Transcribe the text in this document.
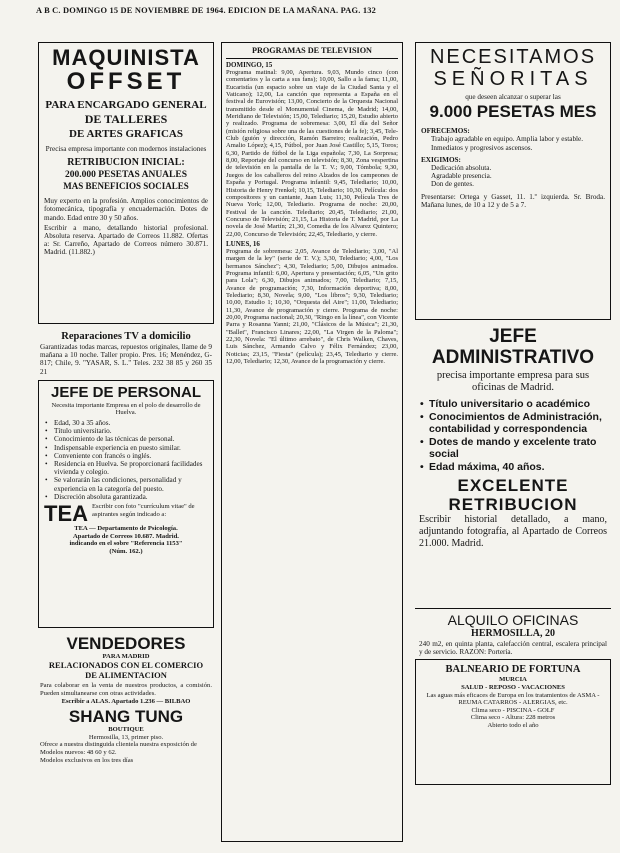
A B C. DOMINGO 15 DE NOVIEMBRE DE 1964. EDICION DE LA MAÑANA. PAG. 132
MAQUINISTA
OFFSET
PARA ENCARGADO GENERAL
DE TALLERES
DE ARTES GRAFICAS
Precisa empresa importante con modernos instalaciones
RETRIBUCION INICIAL:
200.000 PESETAS ANUALES
MAS BENEFICIOS SOCIALES
Muy experto en la profesión. Amplios conocimientos de fotomecánica, tipografía y encuadernación. Dotes de mando. Edad entre 30 y 50 años.
Escribir a mano, detallando historial profesional. Absoluta reserva. Apartado de Correos 11.882. Ofertas a: Sr. Carreño, Apartado de Correos número 30.871. Madrid. (11.882.)
Reparaciones TV a domicilio
Garantizadas todas marcas, repuestos originales, llame de 9 mañana a 10 noche. Taller propio. Pres. 16; Menéndez, G-817; Chile, 9. "YASAR, S. L." Teles. 232 38 85 y 260 35 21
JEFE DE PERSONAL
Necesita importante Empresa en el polo de desarrollo de Huelva.
• Edad, 30 a 35 años.
• Título universitario.
• Conocimiento de las técnicas de personal.
• Indispensable experiencia en puesto similar.
• Conveniente con francés o inglés.
• Residencia en Huelva. Se proporcionará facilidades vivienda y colegio.
• Se valorarán las condiciones, personalidad y experiencia en la categoría del puesto.
• Discreción absoluta garantizada.
TEA Escribir con foto "currículum vitae" de aspirantes según indicado a:
TEA — Departamento de Psicología.
Apartado de Correos 10.687. Madrid.
indicando en el sobre "Referencia 1153"
(Núm. 162.)
VENDEDORES
PARA MADRID
RELACIONADOS CON EL COMERCIO
DE ALIMENTACION
Para colaborar en la venta de nuestros productos, a comisión. Pueden simultanearse con otras actividades.
Escribir a ALAS. Apartado 1.236 — BILBAO
SHANG TUNG
BOUTIQUE
Hermosilla, 13, primer piso.
Ofrece a nuestra distinguida clientela nuestra exposición de
Modelos nuevos: 48 60 y 62.
Modelos exclusivos en los tres días
PROGRAMAS DE TELEVISION
DOMINGO, 15

Programa matinal: 9,00, Apertura. 9,03, Mundo cinco (con comentarios y la carta a sus fans); 10,00, Sallo a la fama; 11,00, Eucaristía (un espacio sobre un viaje de la Ciudad Santa y el Vaticano); 12,00, La canción que representa a España en el festival de Eurovisión; 13,00, Concierto de la Orquesta Nacional transmitido desde el Monumental Cinema, de Madrid; 14,00, Meridiano de Televisión; 15,00, Telediario; 15,20, Estudio abierto y realizado. Programa de sobremesa: 3,00, El día del Señor (misión religiosa sobre una de las cuestiones de la fe); 3,45, Tele-Club (guión y dirección, Ramón Barreiro; realización, Pedro Amalio López); 4,15, Fútbol, por Juan José Castillo; 5,15, Toros; 6,30, Partido de fútbol de la Liga española; 7,30, La Sorpresa; 8,00, Reportaje del concurso en televisión; 8,30, Zona vespertina de televisión en la pantalla de la T. V.; 9,00, Tómbola; 9,30, Juegos de los caballeros del reino Alzados de los campeones de España y Portugal. Programa infantil: 9,45, Telediario; 10,00, Historia de Henry Frenkel; 10,15, Telediario; 10,30, Película: dos compositores y un cantante, Juan Luis; 11,30, Película Tres de Nueva York; 12,00, Telediario. Programa de noche: 20,00, Festival de la canción. Telediario; 20,45, Telediario; 21,00, Concurso de Televisión; 21,15, La Historia de T. Madrid, por La novela de José Martín; 21,30, Comedia de los Alvarez Quintero; 22,00, Concurso de Televisión; 22,45, Telediario, y cierre.

LUNES, 16

Programa de sobremesa: 2,05, Avance de Telediario; 3,00, "Al margen de la ley" (serie de T. V.); 3,30, Telediario; 4,00, "Los hermanos Sánchez"; 4,30, Telediario; 5,00, Dibujos animados. Programa infantil: 6,00, Apertura y presentación; 6,05, "Un grito para Lola"; 6,30, Dibujos animados; 7,00, Telediario; 7,15, Avance de programación; 7,30, Información deportiva; 8,00, Telediario; 8,30, Novela; 9,00, "Los libros"; 9,30, Telediario; 10,00, Estudio 1; 10,30, "Orquesta del Aire"; 11,00, Telediario; 11,30, Avance de programación y cierre. Programa de noche: 20,00, Programa nacional; 20,30, "Ringo en la línea", con Vicente Parra y Rosanna Yanni; 21,00, "Clásicos de la Música"; 21,30, "Ballet", Francisco Linares; 22,00, "La Virgen de la Paloma"; 22,30, Novela: "El último arrebato", de Chris Walken, Chaves, Luis Sánchez, Armando Calvo y Félix Fernández; 23,00, Noticias; 23,15, "Fiesta" (película); 23,45, Telediario y cierre. 12,00, Telediario; 12,30, Avance de la programación y cierre.

NECESITAMOS
SEÑORITAS
que deseen alcanzar o superar las
9.000 PESETAS MES
OFRECEMOS:
Trabajo agradable en equipo. Amplia labor y estable. Inmediatos y progresivos ascensos.
EXIGIMOS:
Dedicación absoluta.
Agradable presencia.
Don de gentes.
Presentarse: Ortega y Gasset, 11. 1.º izquierda. Sr. Broda. Mañana lunes, de 10 a 12 y de 5 a 7.
JEFE
ADMINISTRATIVO
precisa importante empresa para sus oficinas de Madrid.
• Título universitario o académico
• Conocimientos de Administración, contabilidad y correspondencia
• Dotes de mando y excelente trato social
• Edad máxima, 40 años.
EXCELENTE
RETRIBUCION
Escribir historial detallado, a mano, adjuntando fotografía, al Apartado de Correos 21.000. Madrid.
ALQUILO OFICINAS
HERMOSILLA, 20
240 m2, en quinta planta, calefacción central, escalera principal y de servicio. RAZON: Portería.
BALNEARIO DE FORTUNA
MURCIA
SALUD - REPOSO - VACACIONES
Las aguas más eficaces de Europa en los tratamientos de ASMA - REUMA CATARROS - ALERGIAS, etc.
Clima seco - PISCINA - GOLF
Clima seco - Altura: 228 metros
Abierto todo el año
